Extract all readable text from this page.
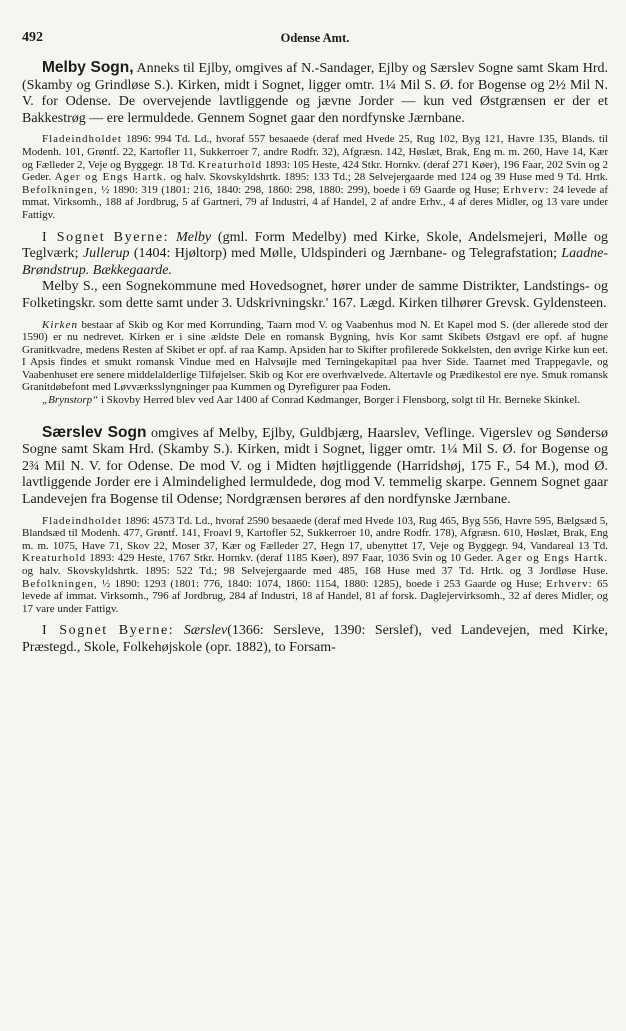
492	Odense Amt.

Melby Sogn, Anneks til Ejlby, omgives af N.-Sandager, Ejlby og Særslev Sogne samt Skam Hrd. (Skamby og Grindløse S.). Kirken, midt i Sognet, ligger omtr. 1¼ Mil S. Ø. for Bogense og 2½ Mil N. V. for Odense. De overvejende lavtliggende og jævne Jorder — kun ved Østgrænsen er der et Bakkestrøg — ere lermuldede. Gennem Sognet gaar den nordfynske Jærnbane.

Fladeindholdet 1896: 994 Td. Ld., hvoraf 557 besaaede (deraf med Hvede 25, Rug 102, Byg 121, Havre 135, Blands. til Modenh. 101, Grøntf. 22, Kartofler 11, Sukkerroer 7, andre Rodfr. 32), Afgræsn. 142, Høslæt, Brak, Eng m. m. 260, Have 14, Kær og Fælleder 2, Veje og Byggegr. 18 Td. Kreaturhold 1893: 105 Heste, 424 Stkr. Hornkv. (deraf 271 Køer), 196 Faar, 202 Svin og 2 Geder. Ager og Engs Hartk. og halv. Skovskyldshrtk. 1895: 133 Td.; 28 Selvejergaarde med 124 og 39 Huse med 9 Td. Hrtk. Befolkningen, ½ 1890: 319 (1801: 216, 1840: 298, 1860: 298, 1880: 299), boede i 69 Gaarde og Huse; Erhverv: 24 levede af mmat. Virksomh., 188 af Jordbrug, 5 af Gartneri, 79 af Industri, 4 af Handel, 2 af andre Erhv., 4 af deres Midler, og 13 vare under Fattigv.

I Sognet Byerne: Melby (gml. Form Medelby) med Kirke, Skole, Andelsmejeri, Mølle og Teglværk; Jullerup (1404: Hjøltorp) med Mølle, Uldspinderi og Jærnbane- og Telegrafstation; Laadne-Brøndstrup. Bækkegaarde.

Melby S., een Sognekommune med Hovedsognet, hører under de samme Distrikter, Landstings- og Folketingskr. som dette samt under 3. Udskrivningskr.' 167. Lægd. Kirken tilhører Grevsk. Gyldensteen.

Kirken bestaar af Skib og Kor med Korrunding, Taarn mod V. og Vaabenhus mod N. Et Kapel mod S. (der allerede stod der 1590) er nu nedrevet. Kirken er i sine ældste Dele en romansk Bygning, hvis Kor samt Skibets Østgavl ere opf. af hugne Granitkvadre, medens Resten af Skibet er opf. af raa Kamp. Apsiden har to Skifter profilerede Sokkelsten, den øvrige Kirke kun eet. I Apsis findes et smukt romansk Vindue med en Halvsøjle med Terningekapitæl paa hver Side. Taarnet med Trappegavle, og Vaabenhuset ere senere middelalderlige Tilføjelser. Skib og Kor ere overhvælvede. Altertavle og Prædikestol ere nye. Smuk romansk Granitdøbefont med Løvværksslyngninger paa Kummen og Dyrefigurer paa Foden.

„Brynstorp“ i Skovby Herred blev ved Aar 1400 af Conrad Kødmanger, Borger i Flensborg, solgt til Hr. Berneke Skinkel.

Særslev Sogn omgives af Melby, Ejlby, Guldbjærg, Haarslev, Veflinge. Vigerslev og Søndersø Sogne samt Skam Hrd. (Skamby S.). Kirken, midt i Sognet, ligger omtr. 1¼ Mil S. Ø. for Bogense og 2¾ Mil N. V. for Odense. De mod V. og i Midten højtliggende (Harridshøj, 175 F., 54 M.), mod Ø. lavtliggende Jorder ere i Almindelighed lermuldede, dog mod V. temmelig skarpe. Gennem Sognet gaar Landevejen fra Bogense til Odense; Nordgrænsen berøres af den nordfynske Jærnbane.

Fladeindholdet 1896: 4573 Td. Ld., hvoraf 2590 besaaede (deraf med Hvede 103, Rug 465, Byg 556, Havre 595, Bælgsæd 5, Blandsæd til Modenh. 477, Grøntf. 141, Froavl 9, Kartofler 52, Sukkerroer 10, andre Rodfr. 178), Afgræsn. 610, Høslæt, Brak, Eng m. m. 1075, Have 71, Skov 22, Moser 37, Kær og Fælleder 27, Hegn 17, ubenyttet 17, Veje og Byggegr. 94, Vandareal 13 Td. Kreaturhold 1893: 429 Heste, 1767 Stkr. Hornkv. (deraf 1185 Køer), 897 Faar, 1036 Svin og 10 Geder. Ager og Engs Hartk. og halv. Skovskyldshrtk. 1895: 522 Td.; 98 Selvejergaarde med 485, 168 Huse med 37 Td. Hrtk. og 3 Jordløse Huse. Befolkningen, ½ 1890: 1293 (1801: 776, 1840: 1074, 1860: 1154, 1880: 1285), boede i 253 Gaarde og Huse; Erhverv: 65 levede af immat. Virksomh., 796 af Jordbrug, 284 af Industri, 18 af Handel, 81 af forsk. Daglejervirksomh., 32 af deres Midler, og 17 vare under Fattigv.

I Sognet Byerne: Særslev(1366: Sersleve, 1390: Serslef), ved Landevejen, med Kirke, Præstegd., Skole, Folkehøjskole (opr. 1882), to Forsam-
